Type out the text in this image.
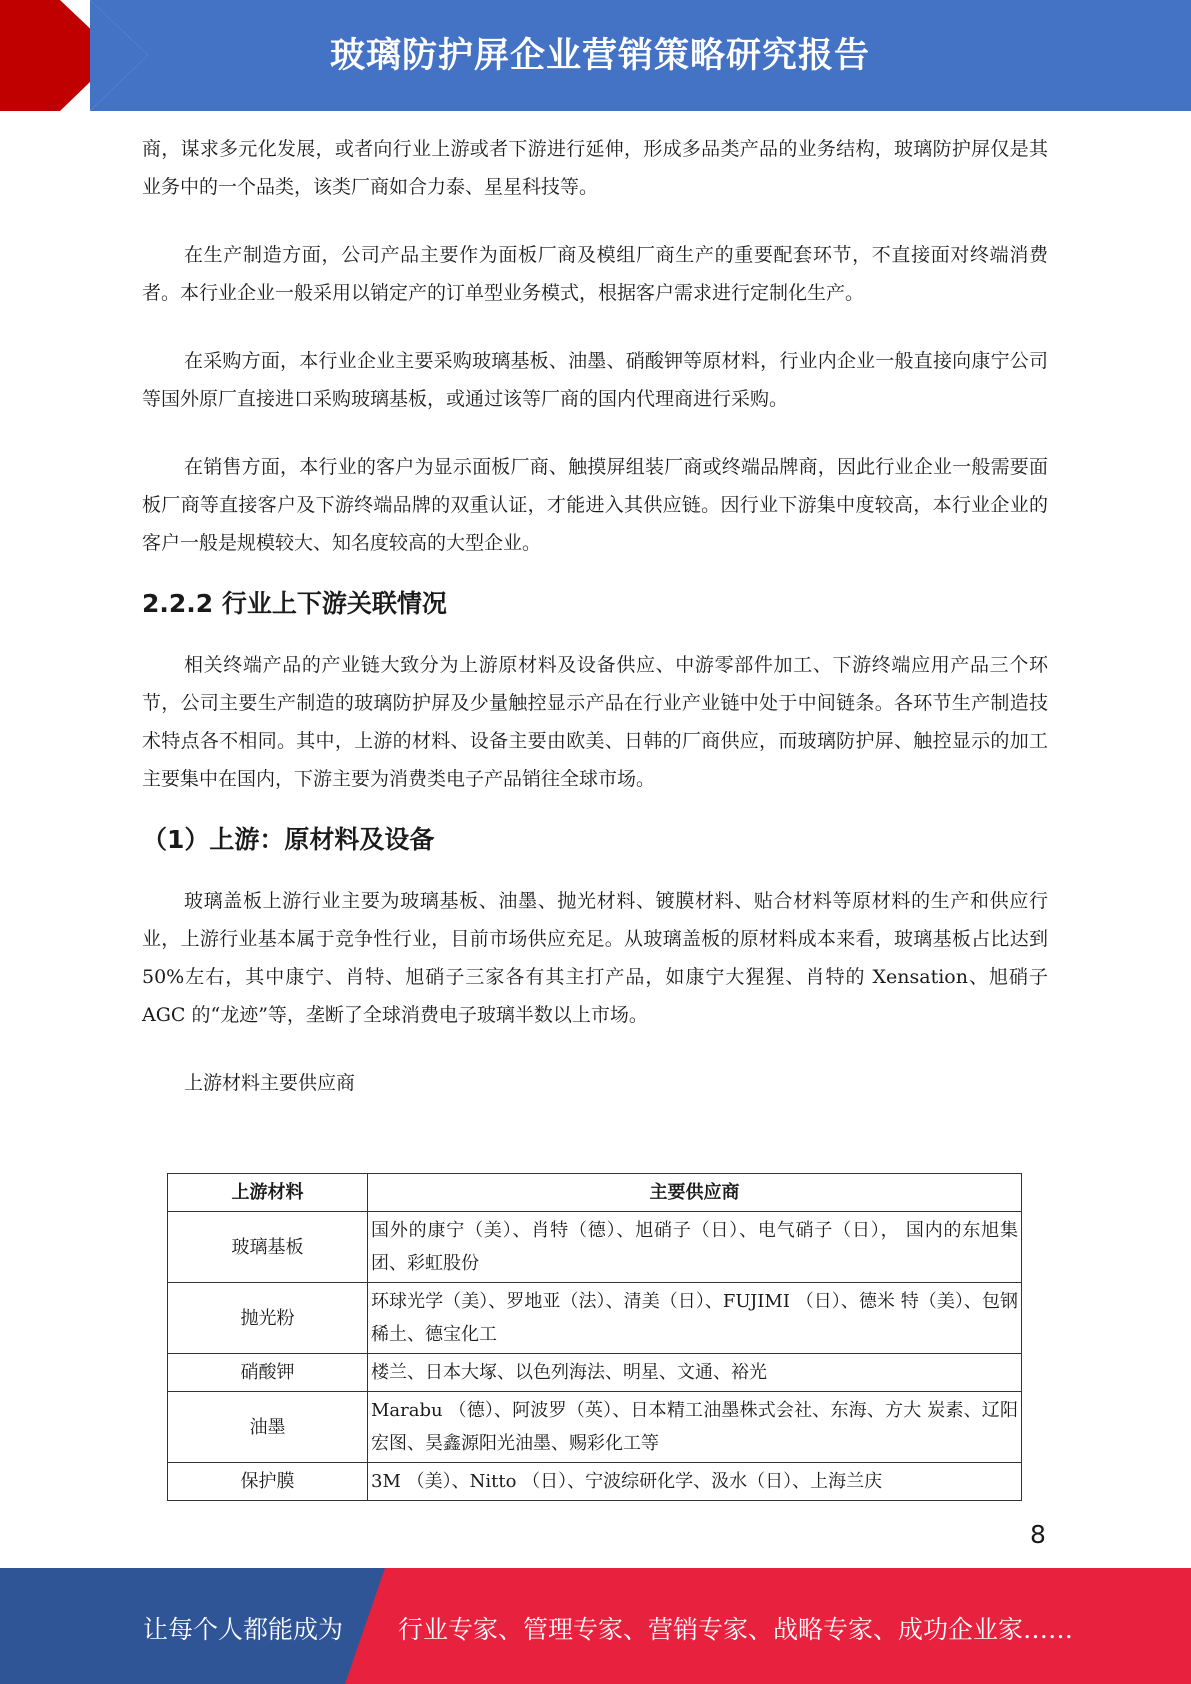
玻璃防护屏企业营销策略研究报告

商，谋求多元化发展，或者向行业上游或者下游进行延伸，形成多品类产品的业务结构，玻璃防护屏仅是其业务中的一个品类，该类厂商如合力泰、星星科技等。

在生产制造方面，公司产品主要作为面板厂商及模组厂商生产的重要配套环节，不直接面对终端消费者。本行业企业一般采用以销定产的订单型业务模式，根据客户需求进行定制化生产。

在采购方面，本行业企业主要采购玻璃基板、油墨、硝酸钾等原材料，行业内企业一般直接向康宁公司等国外原厂直接进口采购玻璃基板，或通过该等厂商的国内代理商进行采购。

在销售方面，本行业的客户为显示面板厂商、触摸屏组装厂商或终端品牌商，因此行业企业一般需要面板厂商等直接客户及下游终端品牌的双重认证，才能进入其供应链。因行业下游集中度较高，本行业企业的客户一般是规模较大、知名度较高的大型企业。

2.2.2 行业上下游关联情况

相关终端产品的产业链大致分为上游原材料及设备供应、中游零部件加工、下游终端应用产品三个环节，公司主要生产制造的玻璃防护屏及少量触控显示产品在行业产业链中处于中间链条。各环节生产制造技术特点各不相同。其中，上游的材料、设备主要由欧美、日韩的厂商供应，而玻璃防护屏、触控显示的加工主要集中在国内，下游主要为消费类电子产品销往全球市场。

（1）上游：原材料及设备

玻璃盖板上游行业主要为玻璃基板、油墨、抛光材料、镀膜材料、贴合材料等原材料的生产和供应行业，上游行业基本属于竞争性行业，目前市场供应充足。从玻璃盖板的原材料成本来看，玻璃基板占比达到 50%左右，其中康宁、肖特、旭硝子三家各有其主打产品，如康宁大猩猩、肖特的 Xensation、旭硝子 AGC 的“龙迹”等，垄断了全球消费电子玻璃半数以上市场。

上游材料主要供应商

上游材料	主要供应商
玻璃基板	国外的康宁（美）、肖特（德）、旭硝子（日）、电气硝子（日）， 国内的东旭集团、彩虹股份
抛光粉	环球光学（美）、罗地亚（法）、清美（日）、FUJIMI （日）、德米 特（美）、包钢稀土、德宝化工
硝酸钾	楼兰、日本大塚、以色列海法、明星、文通、裕光
油墨	Marabu （德）、阿波罗（英）、日本精工油墨株式会社、东海、方大 炭素、辽阳宏图、昊鑫源阳光油墨、赐彩化工等
保护膜	3M （美）、Nitto （日）、宁波综研化学、汲水（日）、上海兰庆
8
让每个人都能成为 行业专家、管理专家、营销专家、战略专家、成功企业家……
